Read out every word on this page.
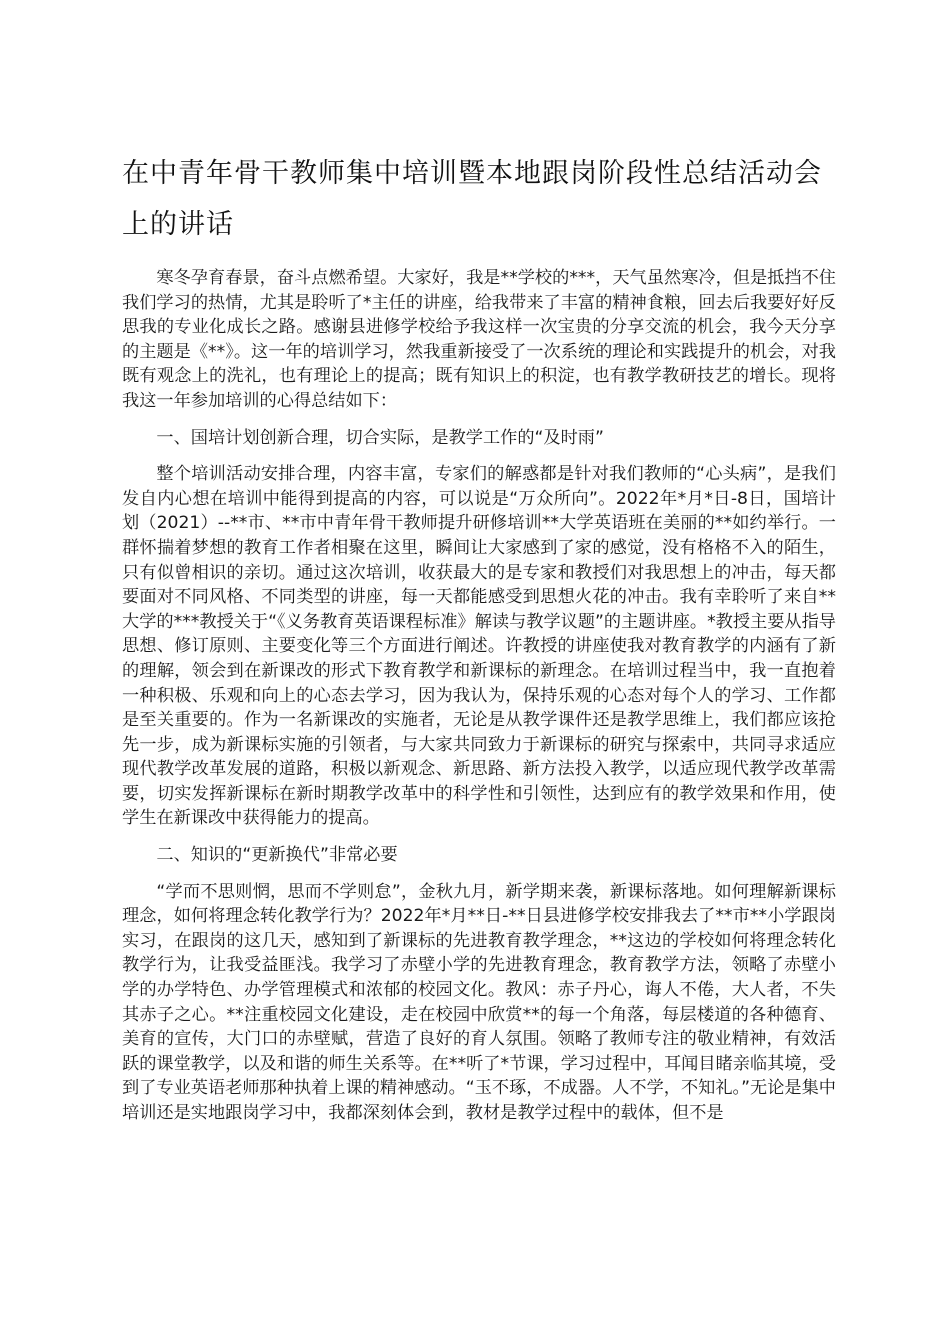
在中青年骨干教师集中培训暨本地跟岗阶段性总结活动会上的讲话

寒冬孕育春景，奋斗点燃希望。大家好，我是**学校的***，天气虽然寒冷，但是抵挡不住我们学习的热情，尤其是聆听了*主任的讲座，给我带来了丰富的精神食粮，回去后我要好好反思我的专业化成长之路。感谢县进修学校给予我这样一次宝贵的分享交流的机会，我今天分享的主题是《**》。这一年的培训学习，然我重新接受了一次系统的理论和实践提升的机会，对我既有观念上的洗礼，也有理论上的提高；既有知识上的积淀，也有教学教研技艺的增长。现将我这一年参加培训的心得总结如下：

一、国培计划创新合理，切合实际，是教学工作的“及时雨”

整个培训活动安排合理，内容丰富，专家们的解惑都是针对我们教师的“心头病”，是我们发自内心想在培训中能得到提高的内容，可以说是“万众所向”。2022年*月*日-8日，国培计划（2021）--**市、**市中青年骨干教师提升研修培训**大学英语班在美丽的**如约举行。一群怀揣着梦想的教育工作者相聚在这里，瞬间让大家感到了家的感觉，没有格格不入的陌生，只有似曾相识的亲切。通过这次培训，收获最大的是专家和教授们对我思想上的冲击，每天都要面对不同风格、不同类型的讲座，每一天都能感受到思想火花的冲击。我有幸聆听了来自**大学的***教授关于“《义务教育英语课程标准》解读与教学议题”的主题讲座。*教授主要从指导思想、修订原则、主要变化等三个方面进行阐述。许教授的讲座使我对教育教学的内涵有了新的理解，领会到在新课改的形式下教育教学和新课标的新理念。在培训过程当中，我一直抱着一种积极、乐观和向上的心态去学习，因为我认为，保持乐观的心态对每个人的学习、工作都是至关重要的。作为一名新课改的实施者，无论是从教学课件还是教学思维上，我们都应该抢先一步，成为新课标实施的引领者，与大家共同致力于新课标的研究与探索中，共同寻求适应现代教学改革发展的道路，积极以新观念、新思路、新方法投入教学，以适应现代教学改革需要，切实发挥新课标在新时期教学改革中的科学性和引领性，达到应有的教学效果和作用，使学生在新课改中获得能力的提高。

二、知识的“更新换代”非常必要

“学而不思则惘，思而不学则怠”，金秋九月，新学期来袭，新课标落地。如何理解新课标理念，如何将理念转化教学行为？2022年*月**日-**日县进修学校安排我去了**市**小学跟岗实习，在跟岗的这几天，感知到了新课标的先进教育教学理念，**这边的学校如何将理念转化教学行为，让我受益匪浅。我学习了赤壁小学的先进教育理念，教育教学方法，领略了赤壁小学的办学特色、办学管理模式和浓郁的校园文化。教风：赤子丹心，诲人不倦，大人者，不失其赤子之心。**注重校园文化建设，走在校园中欣赏**的每一个角落，每层楼道的各种德育、美育的宣传，大门口的赤壁赋，营造了良好的育人氛围。领略了教师专注的敬业精神，有效活跃的课堂教学，以及和谐的师生关系等。在**听了*节课，学习过程中，耳闻目睹亲临其境，受到了专业英语老师那种执着上课的精神感动。“玉不琢，不成器。人不学，不知礼。”无论是集中培训还是实地跟岗学习中，我都深刻体会到，教材是教学过程中的载体，但不是
